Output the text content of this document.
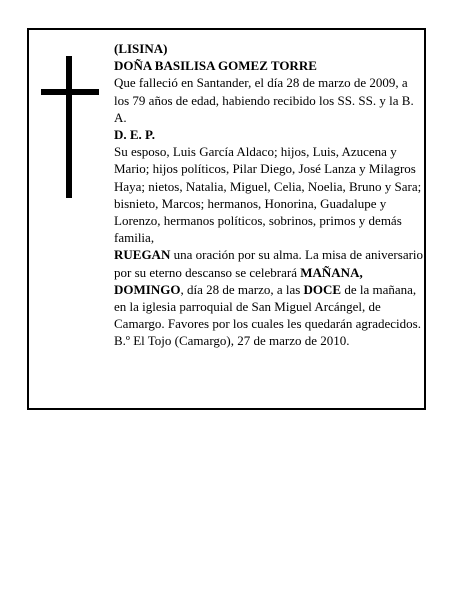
(LISINA)

DOÑA BASILISA GOMEZ TORRE

Que falleció en Santander, el día 28 de marzo de 2009, a los 79 años de edad, habiendo recibido los SS. SS. y la B. A.

D. E. P.

Su esposo, Luis García Aldaco; hijos, Luis, Azucena y Mario; hijos políticos, Pilar Diego, José Lanza y Milagros Haya; nietos, Natalia, Miguel, Celia, Noelia, Bruno y Sara; bisnieto, Marcos; hermanos, Honorina, Guadalupe y Lorenzo, hermanos políticos, sobrinos, primos y demás familia,

RUEGAN una oración por su alma. La misa de aniversario por su eterno descanso se celebrará MAÑANA, DOMINGO, día 28 de marzo, a las DOCE de la mañana, en la iglesia parroquial de San Miguel Arcángel, de Camargo. Favores por los cuales les quedarán agradecidos.

B.º El Tojo (Camargo), 27 de marzo de 2010.
